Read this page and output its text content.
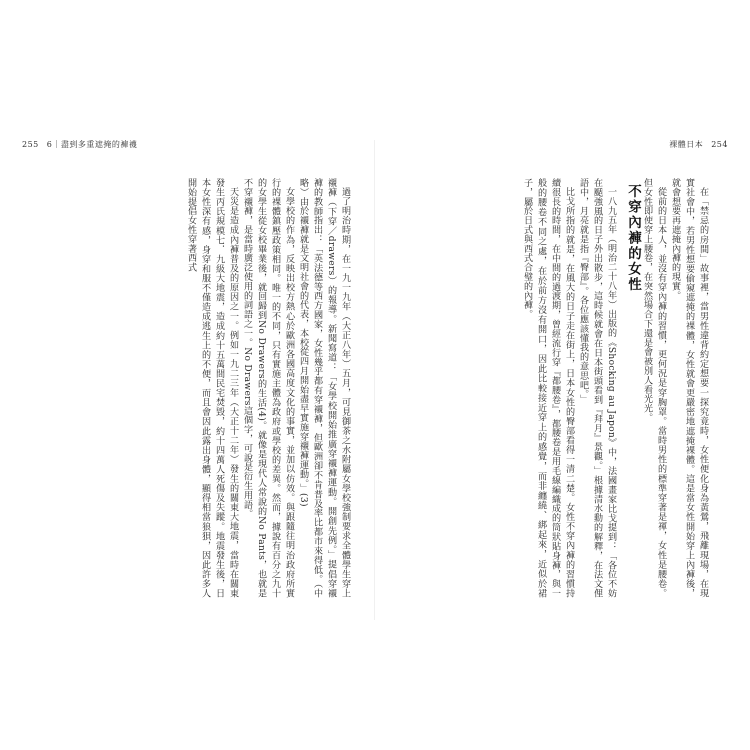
255 6｜盡到多重遮掩的褲襪	裸體日本 254

在「禁忌的房間」故事裡，當男性違背約定想要一探究竟時，女性便化身為黃鶯，飛離現場，在現實社會中，若男性想要偷窺遮掩的裸體，女性就會更嚴密地遮掩裸體。這是當女性開始穿上內褲後，就會想要再遮掩內褲的現實。

從前的日本人，並沒有穿內褲的習慣，更何況是穿胸罩。當時男性的標準穿著是褌，女性是腰卷。但女性即使穿上腰卷，在突然場合下還是會被別人看光光。

不穿內褲的女性

一八九五年（明治二十八年）出版的《Shocking au Japon》中，法國畫家比戈提到：「各位不妨在颳強風的日子外出散步，這時候就會在日本街頭看到『拜月』景觀。」根據清水勳的解釋，在法文俚語中，月亮就是指『臀部』。各位應該懂我的意思吧。」

比戈所指的就是，在風大的日子走在街上，日本女性的臀部看得一清二楚。女性不穿內褲的習慣持續很長的時間，在中間的過渡期，曾經流行穿『都腰卷』，都腰卷是用毛線編織成的筒狀貼身褲，與一般的腰卷不同之處，在於前方沒有開口，因此比較接近穿上的感覺，而非纏繞、綁起來，近似於裙子，屬於日式與西式合璧的內褲。

過了明治時期，在一九一九年（大正八年）五月，可見御茶之水附屬女學校強制要求全體學生穿上襯褲（下穿／drawers）的報導。新聞寫道：「女學校開始推廣穿襯褲運動。開創先例。」提倡穿襯褲的教師指出：「英法德等西方國家，女性幾乎都有穿襯褲，但歐洲卻不肯普及率比都市來得低。（中略）由於襯褲就是文明社會的代表，本校從四月開始盡早實施穿襯褲運動。」(3)

女學校的作為，反映出校方熱心於歐洲各國高度文化的事實，並加以仿效。與跟隨往明治政府所實行的裸體鎮壓政策相同。唯一的不同，只有實施主體為政府或學校的差異。然而，據說有百分之九十的女學生從女校畢業後，就回歸到No Drawers的生活(4)。就像是現代人常說的No Pants，也就是不穿襯褲，是當時廣泛使用的詞語之一。No Drawers這個字，可說是衍生用語。

天災是造成內褲普及的原因之一。例如一九二三年（大正十二年）發生的關東大地震，當時在關東發生丙氏規模七．九級大地震，造成約十五萬間民宅焚毀，約十四萬人死傷及失蹤。地震發生後，日本女性深有感，身穿和服不僅造成逃生上的不便，而且會因此露出身體，顯得相當狼狽，因此許多人開始提倡女性穿著西式
